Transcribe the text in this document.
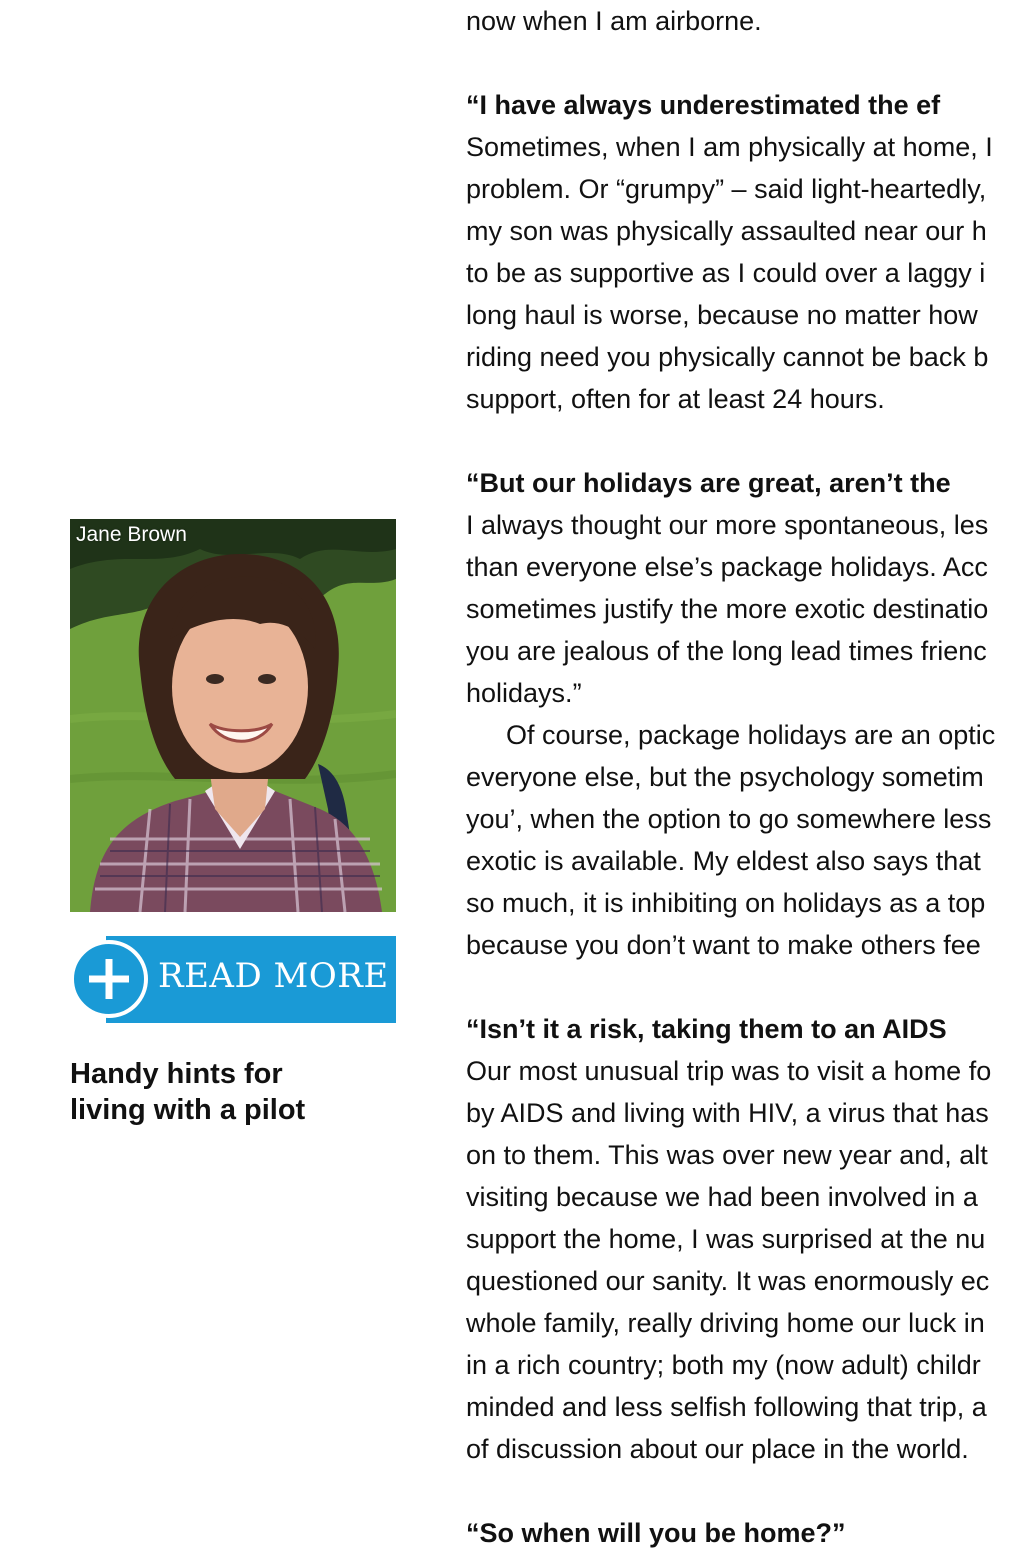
Jane Brown
READ MORE
Handy hints for
living with a pilot
now when I am airborne.
“I have always underestimated the ef
Sometimes, when I am physically at home, I
problem. Or “grumpy” – said light-heartedly,
my son was physically assaulted near our h
to be as supportive as I could over a laggy i
long haul is worse, because no matter how
riding need you physically cannot be back b
support, often for at least 24 hours.
“But our holidays are great, aren’t the
I always thought our more spontaneous, les
than everyone else’s package holidays. Acc
sometimes justify the more exotic destinatio
you are jealous of the long lead times frienc
holidays.”
Of course, package holidays are an optic
everyone else, but the psychology sometim
you’, when the option to go somewhere less
exotic is available. My eldest also says that
so much, it is inhibiting on holidays as a top
because you don’t want to make others fee
“Isn’t it a risk, taking them to an AIDS
Our most unusual trip was to visit a home fo
by AIDS and living with HIV, a virus that has
on to them. This was over new year and, alt
visiting because we had been involved in a
support the home, I was surprised at the nu
questioned our sanity. It was enormously ec
whole family, really driving home our luck in
in a rich country; both my (now adult) childr
minded and less selfish following that trip, a
of discussion about our place in the world.
“So when will you be home?”
